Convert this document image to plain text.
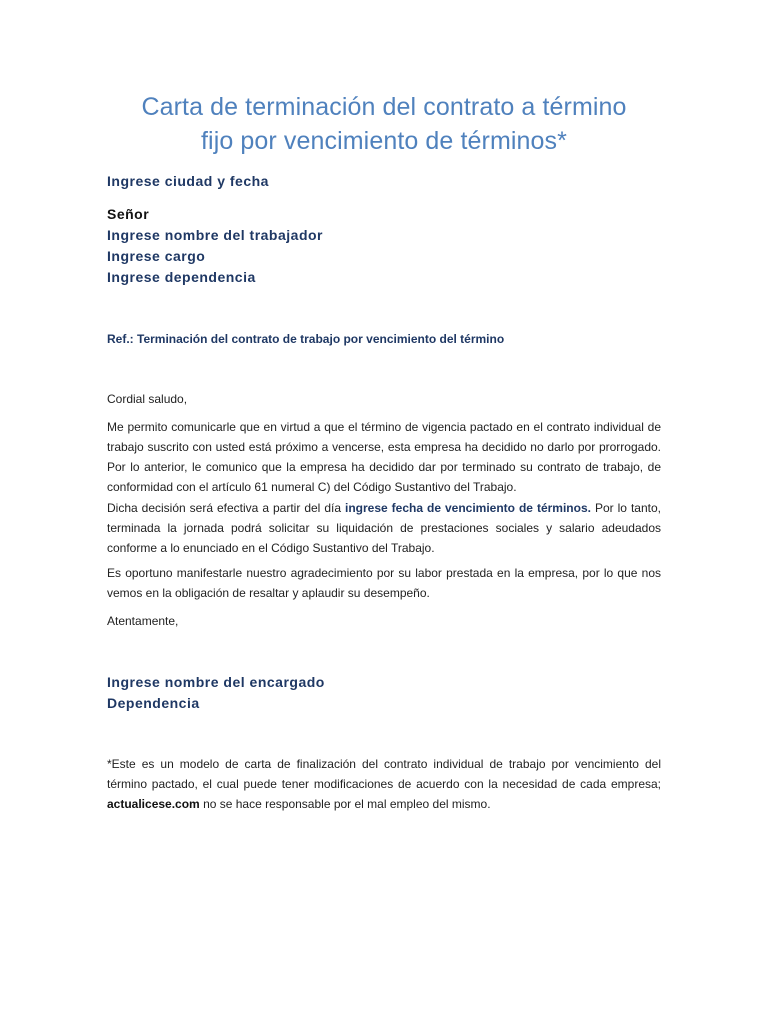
Carta de terminación del contrato a término
fijo por vencimiento de términos*
Ingrese ciudad y fecha
Señor
Ingrese nombre del trabajador
Ingrese cargo
Ingrese dependencia
Ref.: Terminación del contrato de trabajo por vencimiento del término
Cordial saludo,
Me permito comunicarle que en virtud a que el término de vigencia pactado en el contrato individual de trabajo suscrito con usted está próximo a vencerse, esta empresa ha decidido no darlo por prorrogado. Por lo anterior, le comunico que la empresa ha decidido dar por terminado su contrato de trabajo, de conformidad con el artículo 61 numeral C) del Código Sustantivo del Trabajo.
Dicha decisión será efectiva a partir del día ingrese fecha de vencimiento de términos. Por lo tanto, terminada la jornada podrá solicitar su liquidación de prestaciones sociales y salario adeudados conforme a lo enunciado en el Código Sustantivo del Trabajo.
Es oportuno manifestarle nuestro agradecimiento por su labor prestada en la empresa, por lo que nos vemos en la obligación de resaltar y aplaudir su desempeño.
Atentamente,
Ingrese nombre del encargado
Dependencia
*Este es un modelo de carta de finalización del contrato individual de trabajo por vencimiento del término pactado, el cual puede tener modificaciones de acuerdo con la necesidad de cada empresa; actualicese.com no se hace responsable por el mal empleo del mismo.
